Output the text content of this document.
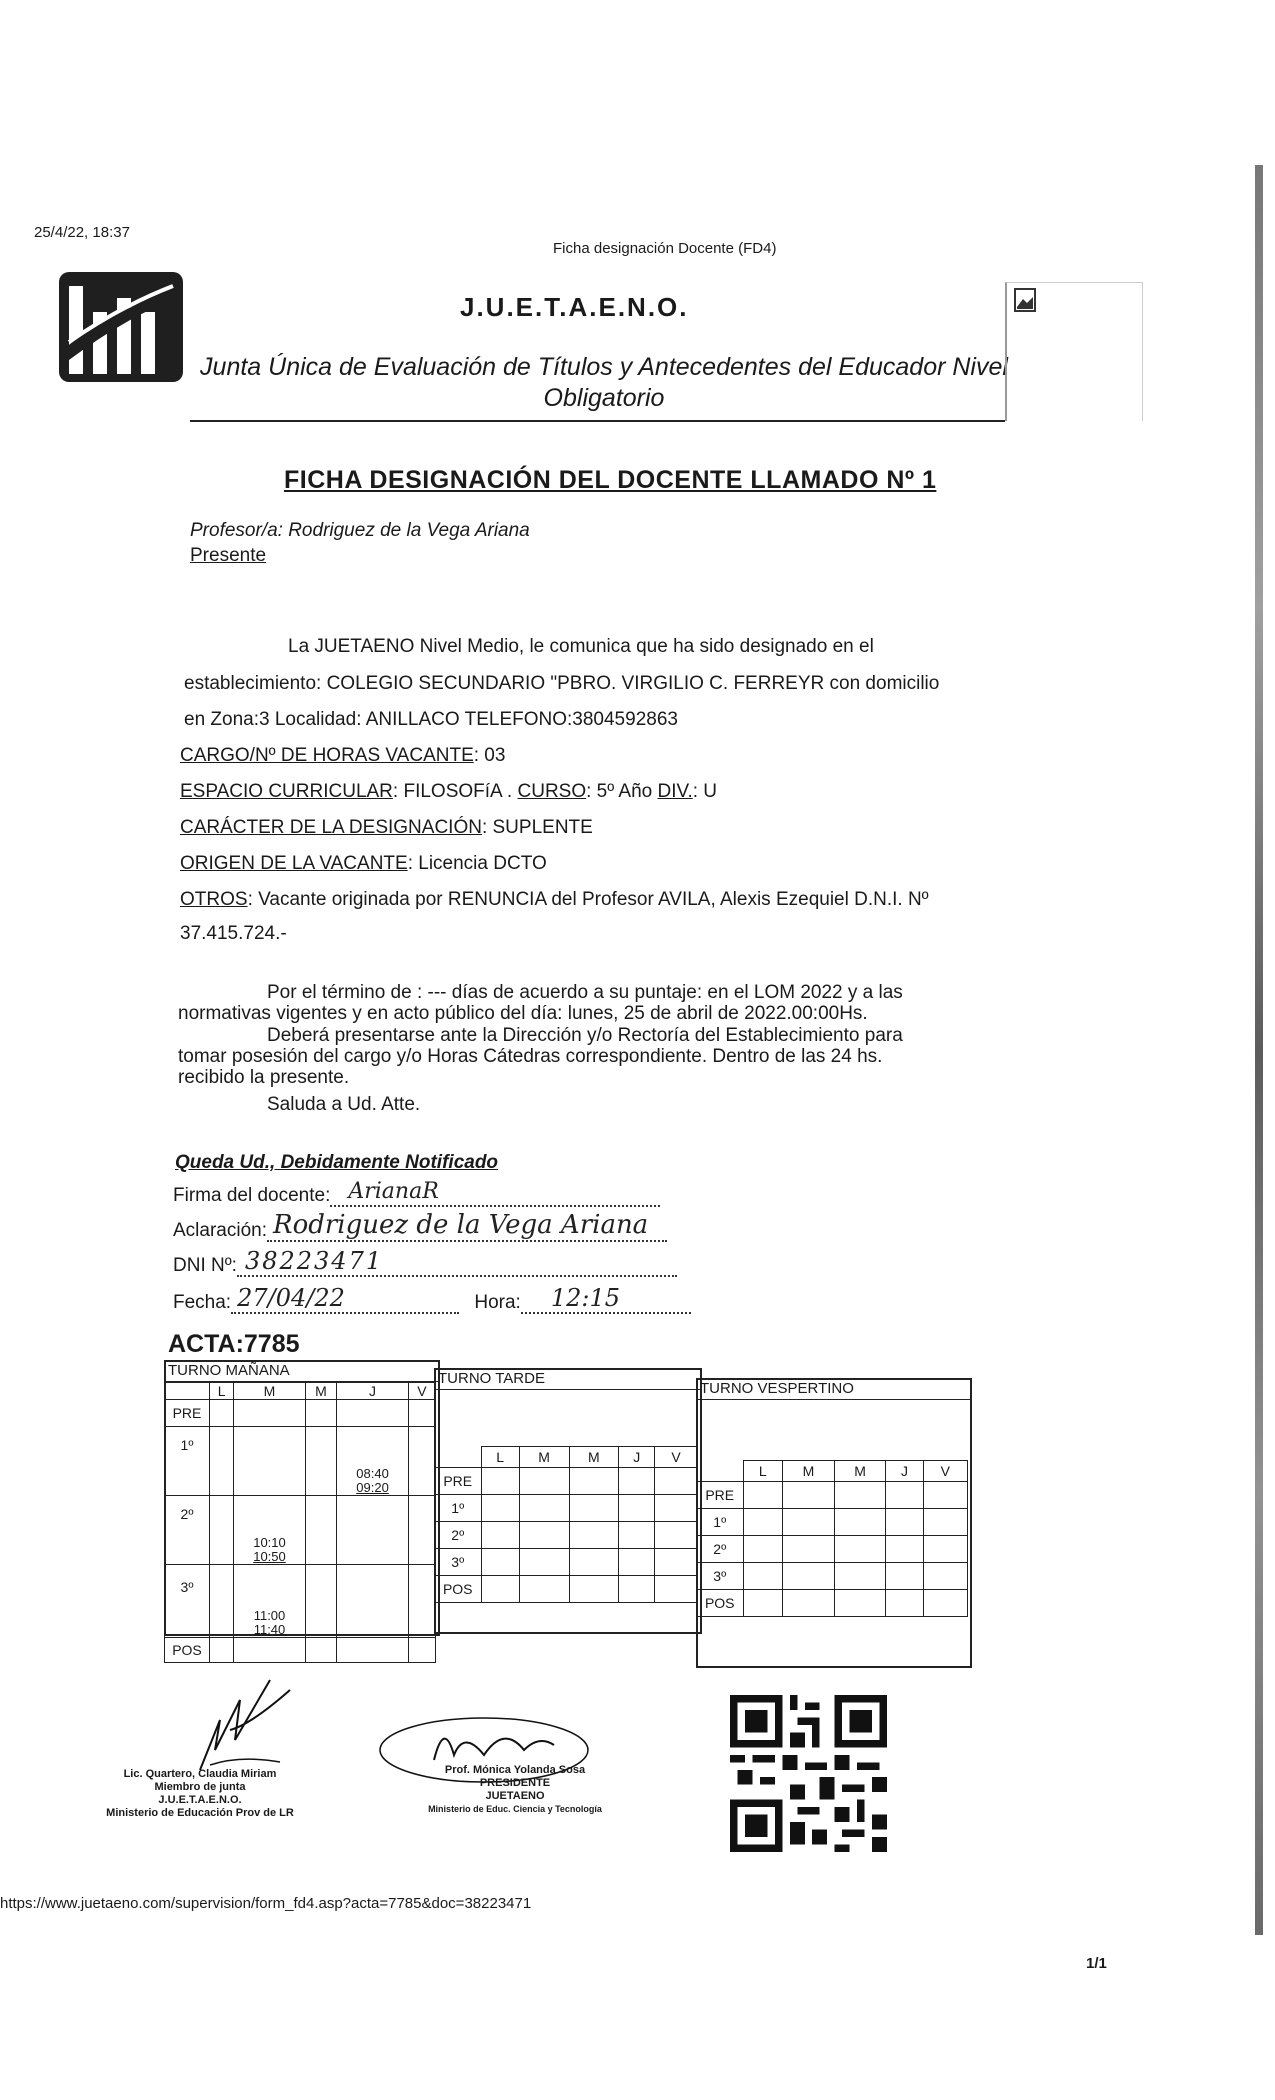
25/4/22, 18:37
Ficha designación Docente (FD4)
J.U.E.T.A.E.N.O.
Junta Única de Evaluación de Títulos y Antecedentes del Educador Nivel
Obligatorio
FICHA DESIGNACIÓN DEL DOCENTE LLAMADO Nº 1
Profesor/a: Rodriguez de la Vega Ariana
Presente
La JUETAENO Nivel Medio, le comunica que ha sido designado en el
establecimiento: COLEGIO SECUNDARIO "PBRO. VIRGILIO C. FERREYR con domicilio
en Zona:3 Localidad: ANILLACO TELEFONO:3804592863
CARGO/Nº DE HORAS VACANTE: 03
ESPACIO CURRICULAR: FILOSOFíA . CURSO: 5º Año DIV.: U
CARÁCTER DE LA DESIGNACIÓN: SUPLENTE
ORIGEN DE LA VACANTE: Licencia DCTO
OTROS: Vacante originada por RENUNCIA del Profesor AVILA, Alexis Ezequiel D.N.I. Nº
37.415.724.-
Por el término de : --- días de acuerdo a su puntaje: en el LOM 2022 y a las
normativas vigentes y en acto público del día: lunes, 25 de abril de 2022.00:00Hs.
Deberá presentarse ante la Dirección y/o Rectoría del Establecimiento para
tomar posesión del cargo y/o Horas Cátedras correspondiente. Dentro de las 24 hs.
recibido la presente.
Saluda a Ud. Atte.
Queda Ud., Debidamente Notificado
Firma del docente: ArianaR
Aclaración: Rodriguez de la Vega Ariana
DNI Nº: 38223471
Fecha: 27/04/22	Hora: 12:15
ACTA:7785
TURNO MAÑANA
	L	M	M	J	V
PRE					
1º				08:40
09:20	

2º		10:10
10:50			

3º		11:00
11:40			

POS					
TURNO TARDE
	L	M	M	J	V
PRE					
1º					
2º					
3º					
POS					
TURNO VESPERTINO
	L	M	M	J	V
PRE					
1º					
2º					
3º					
POS					
Lic. Quartero, Claudia Miriam
Miembro de junta
J.U.E.T.A.E.N.O.
Ministerio de Educación Prov de LR
Prof. Mónica Yolanda Sosa
PRESIDENTE
JUETAENO
Ministerio de Educ. Ciencia y Tecnología
https://www.juetaeno.com/supervision/form_fd4.asp?acta=7785&doc=38223471
1/1
